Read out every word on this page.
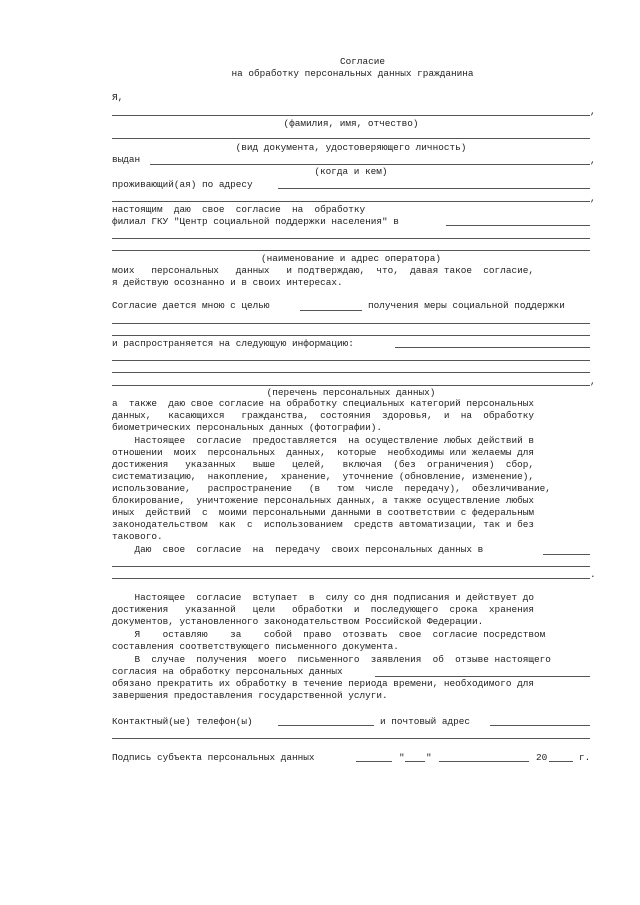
Согласие
на обработку персональных данных гражданина
Я,
,
(фамилия, имя, отчество)
(вид документа, удостоверяющего личность)
выдан	,
(когда и кем)
проживающий(ая) по адресу
,
настоящим  даю  свое  согласие  на  обработку
филиал ГКУ "Центр социальной поддержки населения" в
(наименование и адрес оператора)
моих   персональных   данных   и подтверждаю,  что,  давая такое  согласие,
я действую осознанно и в своих интересах.
Согласие дается мною с целью	получения меры социальной поддержки
и распространяется на следующую информацию:
,
(перечень персональных данных)
а  также  даю свое согласие на обработку специальных категорий персональных
данных,   касающихся   гражданства,  состояния  здоровья,  и  на  обработку
биометрических персональных данных (фотографии).
Настоящее  согласие  предоставляется  на осуществление любых действий в
отношении  моих  персональных  данных,  которые  необходимы или желаемы для
достижения   указанных   выше   целей,   включая  (без  ограничения)  сбор,
систематизацию,  накопление,  хранение,  уточнение (обновление, изменение),
использование,   распространение   (в   том  числе  передачу),  обезличивание,
блокирование,  уничтожение персональных данных, а также осуществление любых
иных  действий  с  моими персональными данными в соответствии с федеральным
законодательством  как  с  использованием  средств автоматизации, так и без
такового.
Даю  свое  согласие  на  передачу  своих персональных данных в
.
Настоящее  согласие  вступает  в  силу со дня подписания и действует до
достижения   указанной   цели   обработки  и  последующего  срока  хранения
документов, установленного законодательством Российской Федерации.
Я    оставляю    за    собой  право  отозвать  свое  согласие посредством
составления соответствующего письменного документа.
В  случае  получения  моего  письменного  заявления  об  отзыве настоящего
согласия на обработку персональных данных
обязано прекратить их обработку в течение периода времени, необходимого для
завершения предоставления государственной услуги.
Контактный(ые) телефон(ы)	и почтовый адрес
Подпись субъекта персональных данных	" "	20	г.
